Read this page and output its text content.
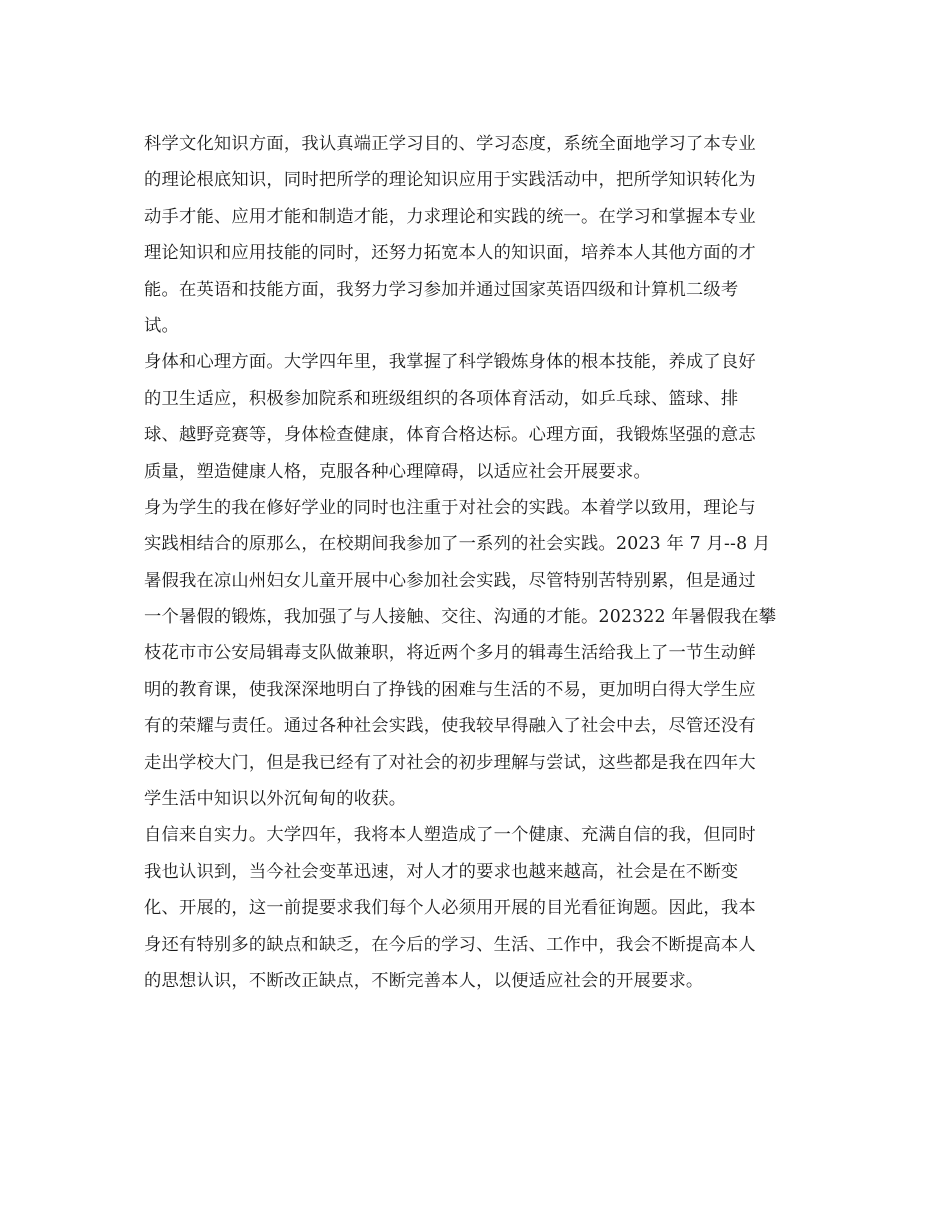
科学文化知识方面，我认真端正学习目的、学习态度，系统全面地学习了本专业
的理论根底知识，同时把所学的理论知识应用于实践活动中，把所学知识转化为
动手才能、应用才能和制造才能，力求理论和实践的统一。在学习和掌握本专业
理论知识和应用技能的同时，还努力拓宽本人的知识面，培养本人其他方面的才
能。在英语和技能方面，我努力学习参加并通过国家英语四级和计算机二级考
试。
身体和心理方面。大学四年里，我掌握了科学锻炼身体的根本技能，养成了良好
的卫生适应，积极参加院系和班级组织的各项体育活动，如乒乓球、篮球、排
球、越野竞赛等，身体检查健康，体育合格达标。心理方面，我锻炼坚强的意志
质量，塑造健康人格，克服各种心理障碍，以适应社会开展要求。
身为学生的我在修好学业的同时也注重于对社会的实践。本着学以致用，理论与
实践相结合的原那么，在校期间我参加了一系列的社会实践。2023 年 7 月--8 月
暑假我在凉山州妇女儿童开展中心参加社会实践，尽管特别苦特别累，但是通过
一个暑假的锻炼，我加强了与人接触、交往、沟通的才能。202322 年暑假我在攀
枝花市市公安局辑毒支队做兼职，将近两个多月的辑毒生活给我上了一节生动鲜
明的教育课，使我深深地明白了挣钱的困难与生活的不易，更加明白得大学生应
有的荣耀与责任。通过各种社会实践，使我较早得融入了社会中去，尽管还没有
走出学校大门，但是我已经有了对社会的初步理解与尝试，这些都是我在四年大
学生活中知识以外沉甸甸的收获。
自信来自实力。大学四年，我将本人塑造成了一个健康、充满自信的我，但同时
我也认识到，当今社会变革迅速，对人才的要求也越来越高，社会是在不断变
化、开展的，这一前提要求我们每个人必须用开展的目光看征询题。因此，我本
身还有特别多的缺点和缺乏，在今后的学习、生活、工作中，我会不断提高本人
的思想认识，不断改正缺点，不断完善本人，以便适应社会的开展要求。
